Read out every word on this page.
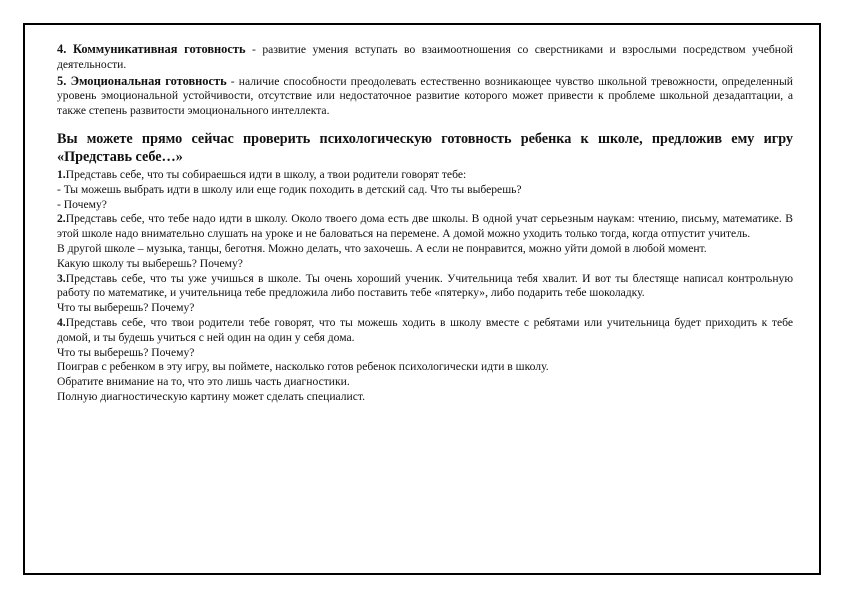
4. Коммуникативная готовность - развитие умения вступать во взаимоотношения со сверстниками и взрослыми посредством учебной деятельности.

5. Эмоциональная готовность - наличие способности преодолевать естественно возникающее чувство школьной тревожности, определенный уровень эмоциональной устойчивости, отсутствие или недостаточное развитие которого может привести к проблеме школьной дезадаптации, а также степень развитости эмоционального интеллекта.

Вы можете прямо сейчас проверить психологическую готовность ребенка к школе, предложив ему игру «Представь себе…»

1.Представь себе, что ты собираешься идти в школу, а твои родители говорят тебе:

- Ты можешь выбрать идти в школу или еще годик походить в детский сад. Что ты выберешь?

- Почему?

2.Представь себе, что тебе надо идти в школу. Около твоего дома есть две школы. В одной учат серьезным наукам: чтению, письму, математике. В этой школе надо внимательно слушать на уроке и не баловаться на перемене. А домой можно уходить только тогда, когда отпустит учитель.

В другой школе – музыка, танцы, беготня. Можно делать, что захочешь. А если не понравится, можно уйти домой в любой момент.

Какую школу ты выберешь? Почему?

3.Представь себе, что ты уже учишься в школе. Ты очень хороший ученик. Учительница тебя хвалит. И вот ты блестяще написал контрольную работу по математике, и учительница тебе предложила либо поставить тебе «пятерку», либо подарить тебе шоколадку.

Что ты выберешь? Почему?

4.Представь себе, что твои родители тебе говорят, что ты можешь ходить в школу вместе с ребятами или учительница будет приходить к тебе домой, и ты будешь учиться с ней один на один у себя дома.

Что ты выберешь? Почему?

Поиграв с ребенком в эту игру, вы поймете, насколько готов ребенок психологически идти в школу.

Обратите внимание на то, что это лишь часть диагностики.

Полную диагностическую картину может сделать специалист.
